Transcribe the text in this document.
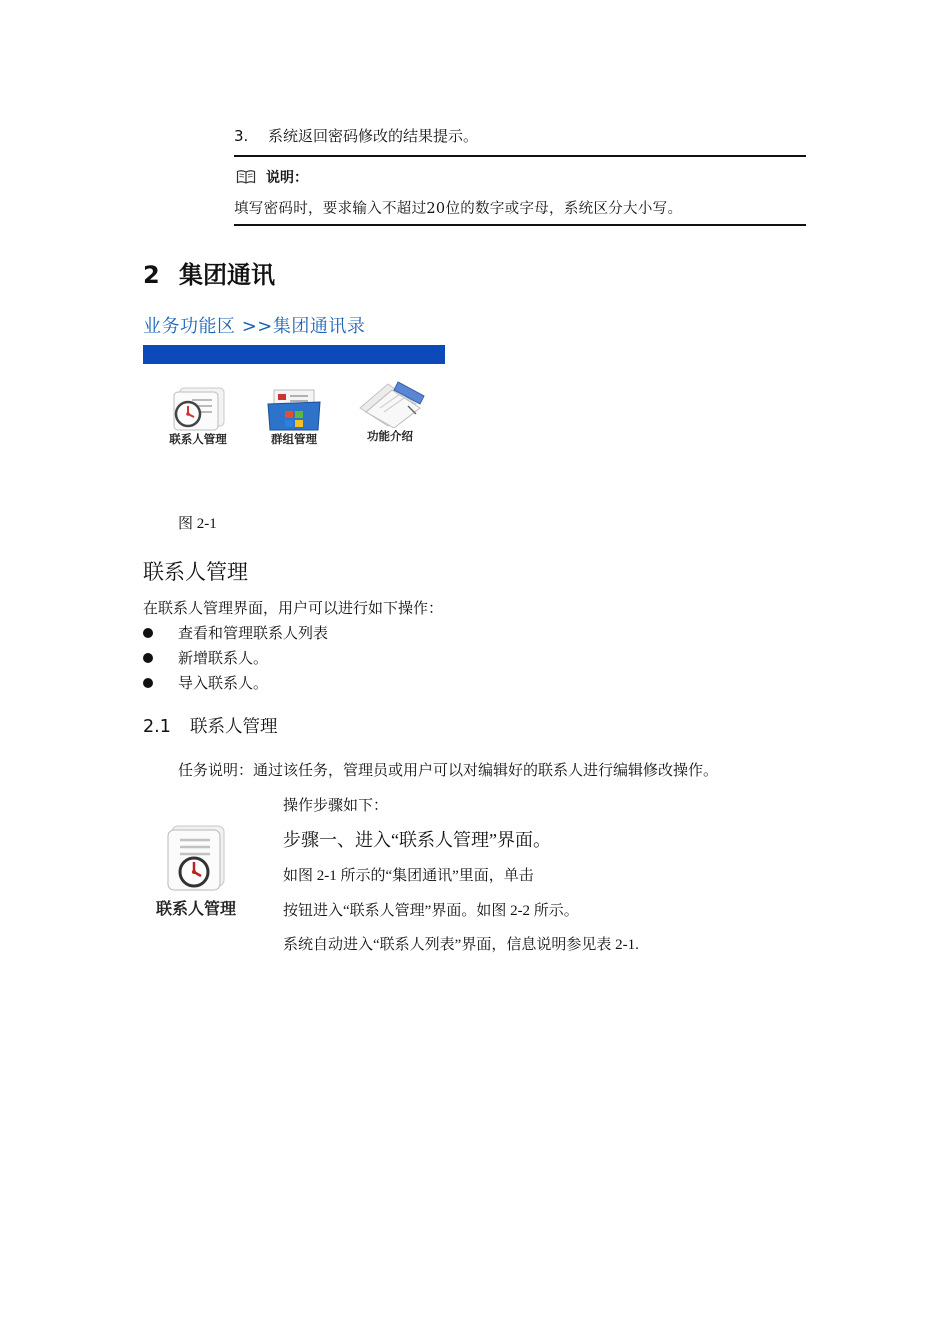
3. 系统返回密码修改的结果提示。
说明：
填写密码时，要求输入不超过20位的数字或字母，系统区分大小写。
2 集团通讯
业务功能区 >>集团通讯录
联系人管理	群组管理	功能介绍
图 2-1
联系人管理
在联系人管理界面，用户可以进行如下操作：
查看和管理联系人列表
新增联系人。
导入联系人。
2.1 联系人管理
任务说明：通过该任务，管理员或用户可以对编辑好的联系人进行编辑修改操作。
联系人管理
操作步骤如下：
步骤一、进入“联系人管理”界面。
如图 2-1 所示的“集团通讯”里面，单击
按钮进入“联系人管理”界面。如图 2-2 所示。
系统自动进入“联系人列表”界面，信息说明参见表 2-1.
